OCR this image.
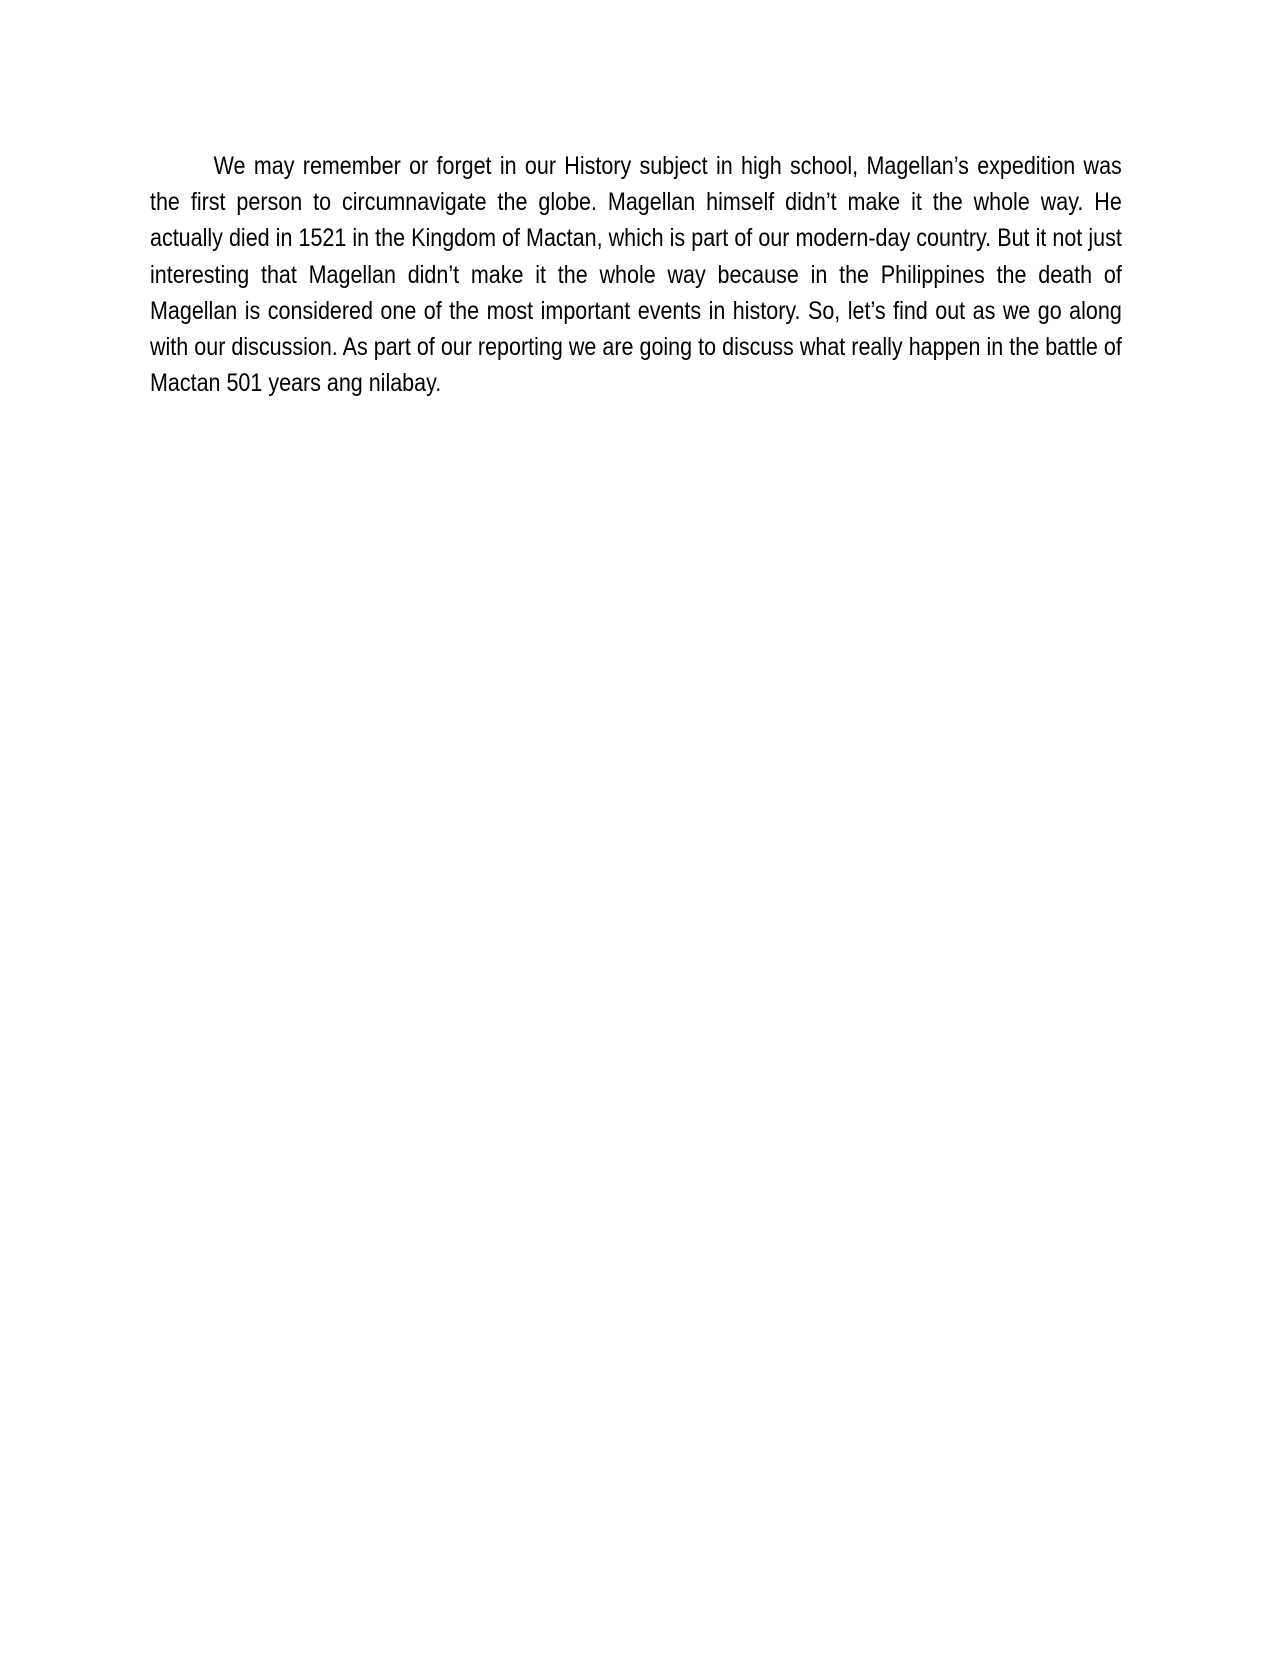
We may remember or forget in our History subject in high school, Magellan’s expedition was the first person to circumnavigate the globe. Magellan himself didn’t make it the whole way. He actually died in 1521 in the Kingdom of Mactan, which is part of our modern-day country. But it not just interesting that Magellan didn’t make it the whole way because in the Philippines the death of Magellan is considered one of the most important events in history. So, let’s find out as we go along with our discussion. As part of our reporting we are going to discuss what really happen in the battle of Mactan 501 years ang nilabay.
